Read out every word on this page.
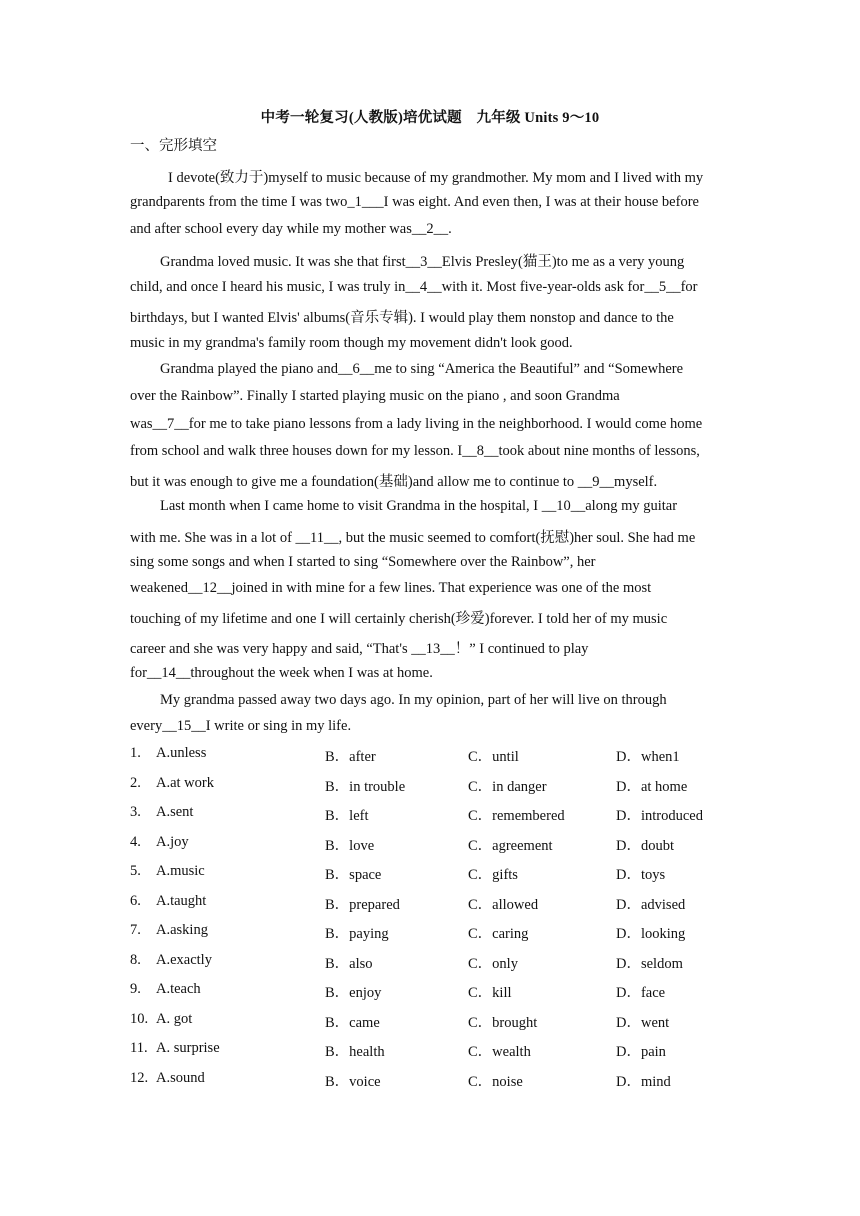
中考一轮复习(人教版)培优试题　九年级 Units 9～10
一、完形填空
I devote(致力于)myself to music because of my grandmother. My mom and I lived with my
grandparents from the time I was two_1___I was eight. And even then, I was at their house before
and after school every day while my mother was__2__.
Grandma loved music. It was she that first__3__Elvis Presley(猫王)to me as a very young
child, and once I heard his music, I was truly in__4__with it. Most five-year-olds ask for__5__for
birthdays, but I wanted Elvis' albums(音乐专辑). I would play them nonstop and dance to the
music in my grandma's family room though my movement didn't look good.
Grandma played the piano and__6__me to sing “America the Beautiful” and “Somewhere
over the Rainbow”. Finally I started playing music on the piano , and soon Grandma
was__7__for me to take piano lessons from a lady living in the neighborhood. I would come home
from school and walk three houses down for my lesson. I__8__took about nine months of lessons,
but it was enough to give me a foundation(基础)and allow me to continue to __9__myself.
Last month when I came home to visit Grandma in the hospital, I __10__along my guitar
with me. She was in a lot of __11__, but the music seemed to comfort(抚慰)her soul. She had me
sing some songs and when I started to sing “Somewhere over the Rainbow”, her
weakened__12__joined in with mine for a few lines. That experience was one of the most
touching of my lifetime and one I will certainly cherish(珍爱)forever. I told her of my music
career and she was very happy and said, “That's __13__！” I continued to play
for__14__throughout the week when I was at home.
My grandma passed away two days ago. In my opinion, part of her will live on through
every__15__I write or sing in my life.
1. A.unless	B．after	C．until	D．when1
2. A.at work	B．in trouble	C．in danger	D．at home
3. A.sent	B．left	C．remembered	D．introduced
4. A.joy	B．love	C．agreement	D．doubt
5. A.music	B．space	C．gifts	D．toys
6. A.taught	B．prepared	C．allowed	D．advised
7. A.asking	B．paying	C．caring	D．looking
8. A.exactly	B．also	C．only	D．seldom
9. A.teach	B．enjoy	C．kill	D．face
10. A. got	B．came	C．brought	D．went
11. A. surprise	B．health	C．wealth	D．pain
12. A.sound	B．voice	C．noise	D．mind
